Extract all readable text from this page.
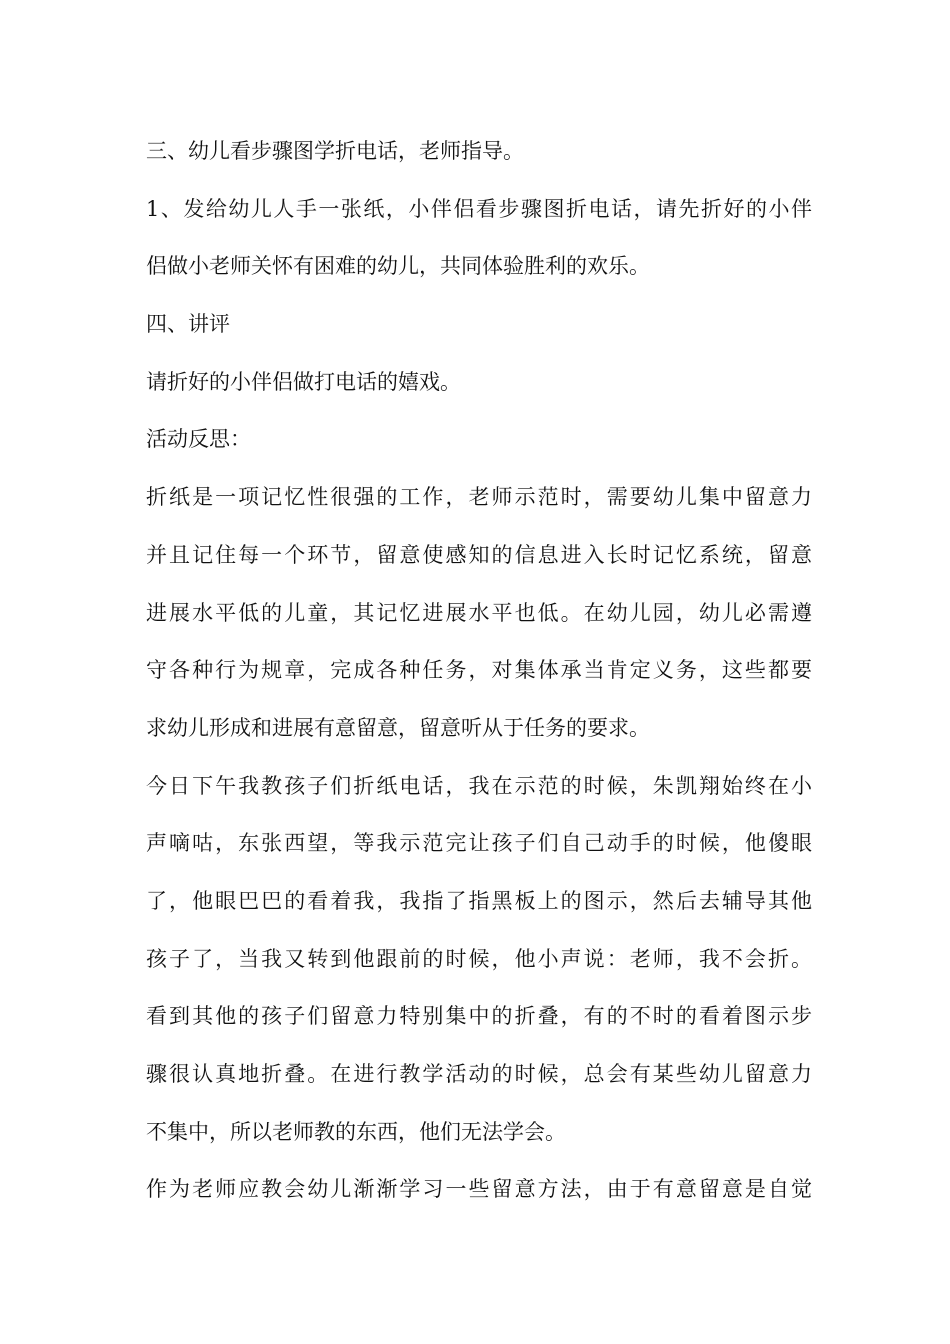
三、幼儿看步骤图学折电话，老师指导。
1、发给幼儿人手一张纸，小伴侣看步骤图折电话，请先折好的小伴
侣做小老师关怀有困难的幼儿，共同体验胜利的欢乐。
四、讲评
请折好的小伴侣做打电话的嬉戏。
活动反思：
折纸是一项记忆性很强的工作，老师示范时，需要幼儿集中留意力
并且记住每一个环节，留意使感知的信息进入长时记忆系统，留意
进展水平低的儿童，其记忆进展水平也低。在幼儿园，幼儿必需遵
守各种行为规章，完成各种任务，对集体承当肯定义务，这些都要
求幼儿形成和进展有意留意，留意听从于任务的要求。
今日下午我教孩子们折纸电话，我在示范的时候，朱凯翔始终在小
声嘀咕，东张西望，等我示范完让孩子们自己动手的时候，他傻眼
了，他眼巴巴的看着我，我指了指黑板上的图示，然后去辅导其他
孩子了，当我又转到他跟前的时候，他小声说：老师，我不会折。
看到其他的孩子们留意力特别集中的折叠，有的不时的看着图示步
骤很认真地折叠。在进行教学活动的时候，总会有某些幼儿留意力
不集中，所以老师教的东西，他们无法学会。
作为老师应教会幼儿渐渐学习一些留意方法，由于有意留意是自觉
